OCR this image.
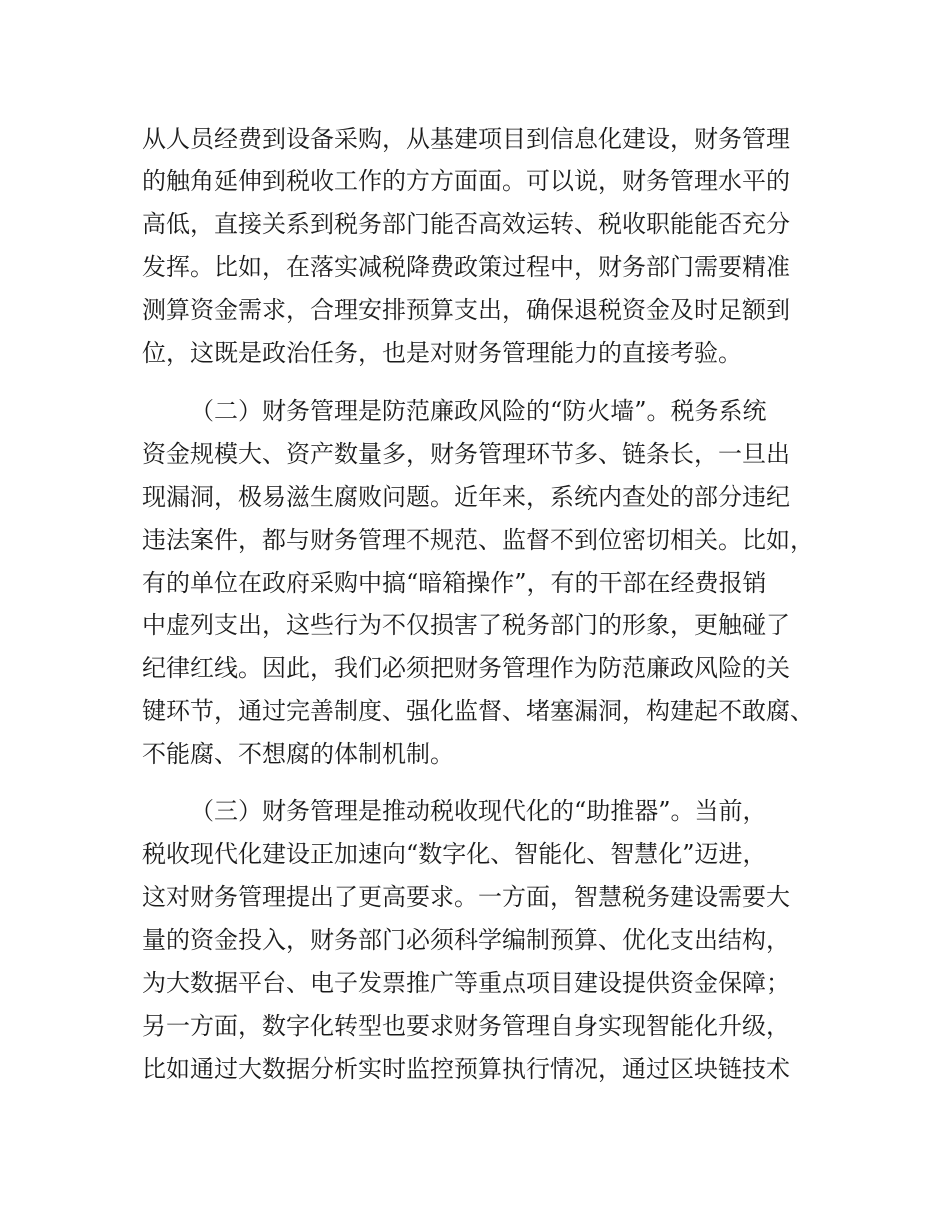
从人员经费到设备采购，从基建项目到信息化建设，财务管理

的触角延伸到税收工作的方方面面。可以说，财务管理水平的

高低，直接关系到税务部门能否高效运转、税收职能能否充分

发挥。比如，在落实减税降费政策过程中，财务部门需要精准

测算资金需求，合理安排预算支出，确保退税资金及时足额到

位，这既是政治任务，也是对财务管理能力的直接考验。

（二）财务管理是防范廉政风险的“防火墙”。税务系统

资金规模大、资产数量多，财务管理环节多、链条长，一旦出

现漏洞，极易滋生腐败问题。近年来，系统内查处的部分违纪

违法案件，都与财务管理不规范、监督不到位密切相关。比如，

有的单位在政府采购中搞“暗箱操作”，有的干部在经费报销

中虚列支出，这些行为不仅损害了税务部门的形象，更触碰了

纪律红线。因此，我们必须把财务管理作为防范廉政风险的关

键环节，通过完善制度、强化监督、堵塞漏洞，构建起不敢腐、

不能腐、不想腐的体制机制。

（三）财务管理是推动税收现代化的“助推器”。当前，

税收现代化建设正加速向“数字化、智能化、智慧化”迈进，

这对财务管理提出了更高要求。一方面，智慧税务建设需要大

量的资金投入，财务部门必须科学编制预算、优化支出结构，

为大数据平台、电子发票推广等重点项目建设提供资金保障；

另一方面，数字化转型也要求财务管理自身实现智能化升级，

比如通过大数据分析实时监控预算执行情况，通过区块链技术
